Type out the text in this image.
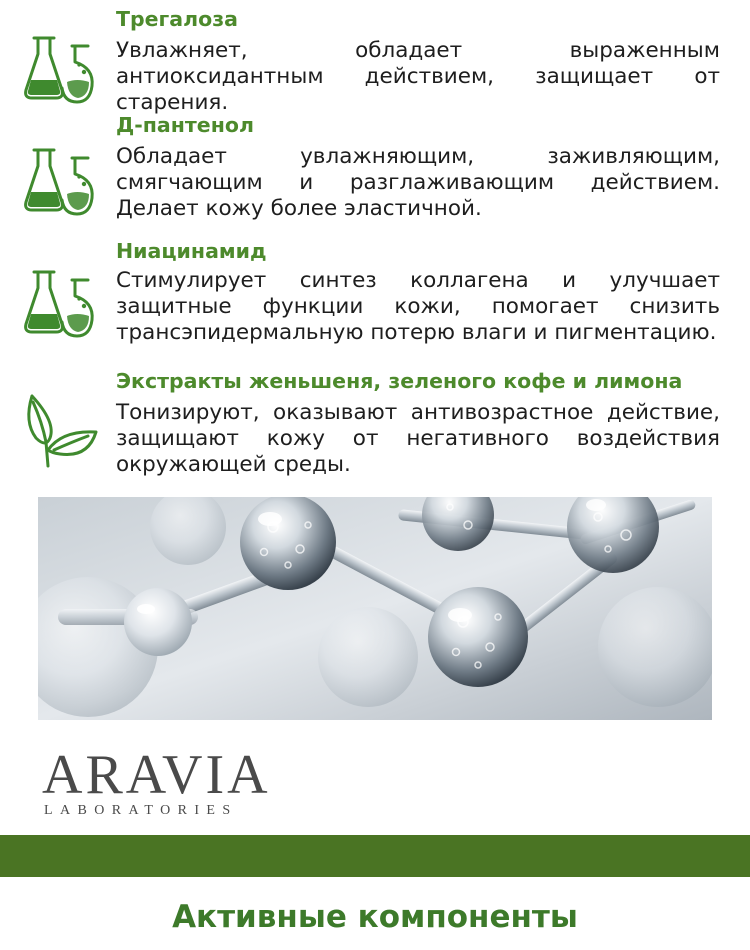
Трегалоза
Увлажняет, обладает выраженным антиоксидантным действием, защищает от старения.
Д-пантенол
Обладает увлажняющим, заживляющим, смягчающим и разглаживающим действием. Делает кожу более эластичной.
Ниацинамид
Стимулирует синтез коллагена и улучшает защитные функции кожи, помогает снизить трансэпидермальную потерю влаги и пигментацию.
Экстракты женьшеня, зеленого кофе и лимона
Тонизируют, оказывают антивозрастное действие, защищают кожу от негативного воздействия окружающей среды.
ARAVIA
LABORATORIES
Активные компоненты
